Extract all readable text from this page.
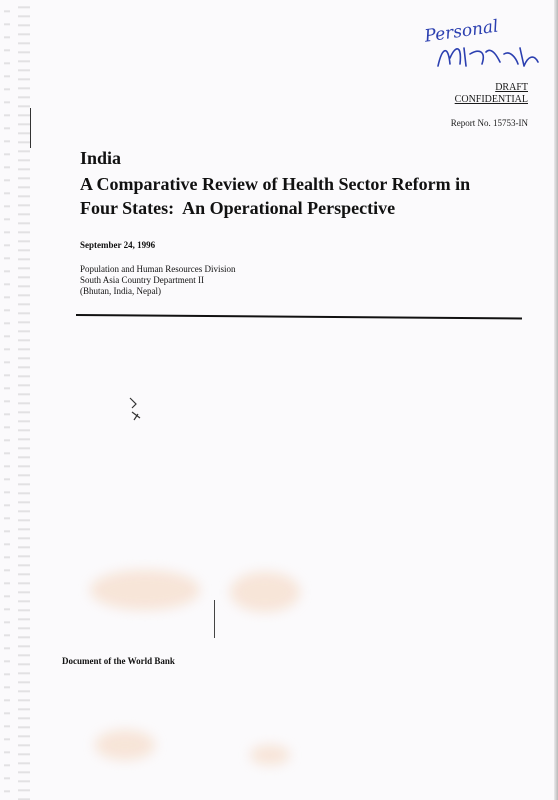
Personal
DRAFT
CONFIDENTIAL
Report No. 15753-IN
India
A Comparative Review of Health Sector Reform in
Four States:  An Operational Perspective
September 24, 1996
Population and Human Resources Division
South Asia Country Department II
(Bhutan, India, Nepal)
Document of the World Bank
